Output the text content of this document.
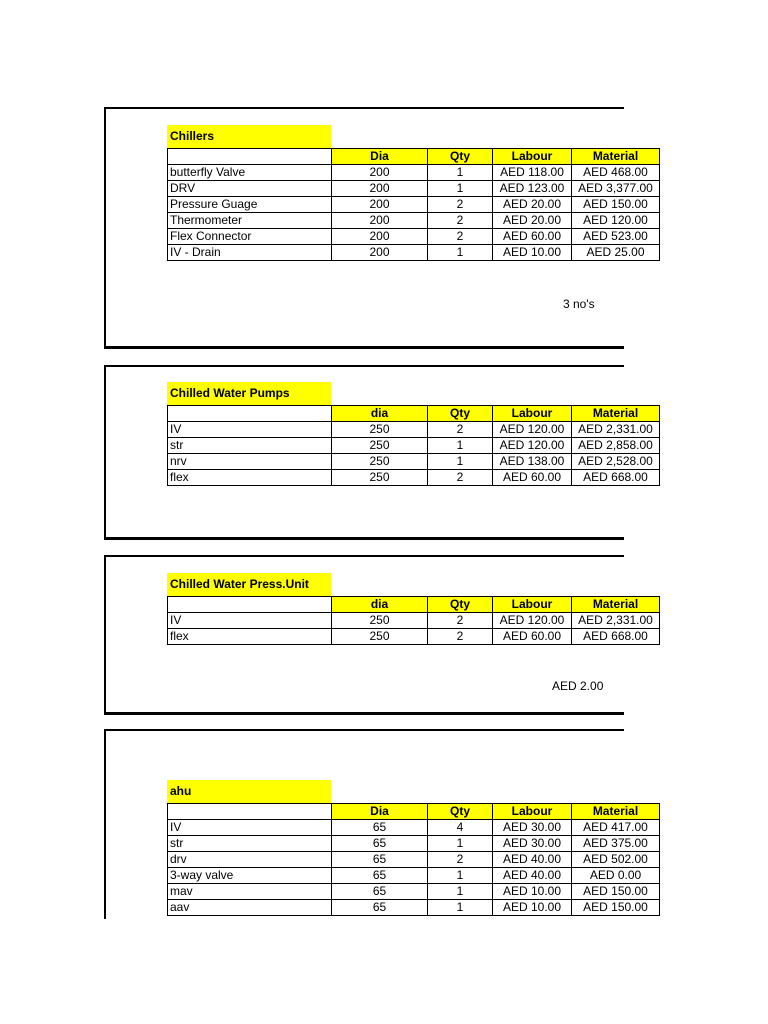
Chillers
	Dia	Qty	Labour	Material
butterfly Valve	200	1	AED 118.00	AED 468.00
DRV	200	1	AED 123.00	AED 3,377.00
Pressure Guage	200	2	AED 20.00	AED 150.00
Thermometer	200	2	AED 20.00	AED 120.00
Flex Connector	200	2	AED 60.00	AED 523.00
IV - Drain	200	1	AED 10.00	AED 25.00
3 no's
Chilled Water Pumps
	dia	Qty	Labour	Material
IV	250	2	AED 120.00	AED 2,331.00
str	250	1	AED 120.00	AED 2,858.00
nrv	250	1	AED 138.00	AED 2,528.00
flex	250	2	AED 60.00	AED 668.00
Chilled Water Press.Unit
	dia	Qty	Labour	Material
IV	250	2	AED 120.00	AED 2,331.00
flex	250	2	AED 60.00	AED 668.00
AED 2.00
ahu
	Dia	Qty	Labour	Material
IV	65	4	AED 30.00	AED 417.00
str	65	1	AED 30.00	AED 375.00
drv	65	2	AED 40.00	AED 502.00
3-way valve	65	1	AED 40.00	AED 0.00
mav	65	1	AED 10.00	AED 150.00
aav	65	1	AED 10.00	AED 150.00
